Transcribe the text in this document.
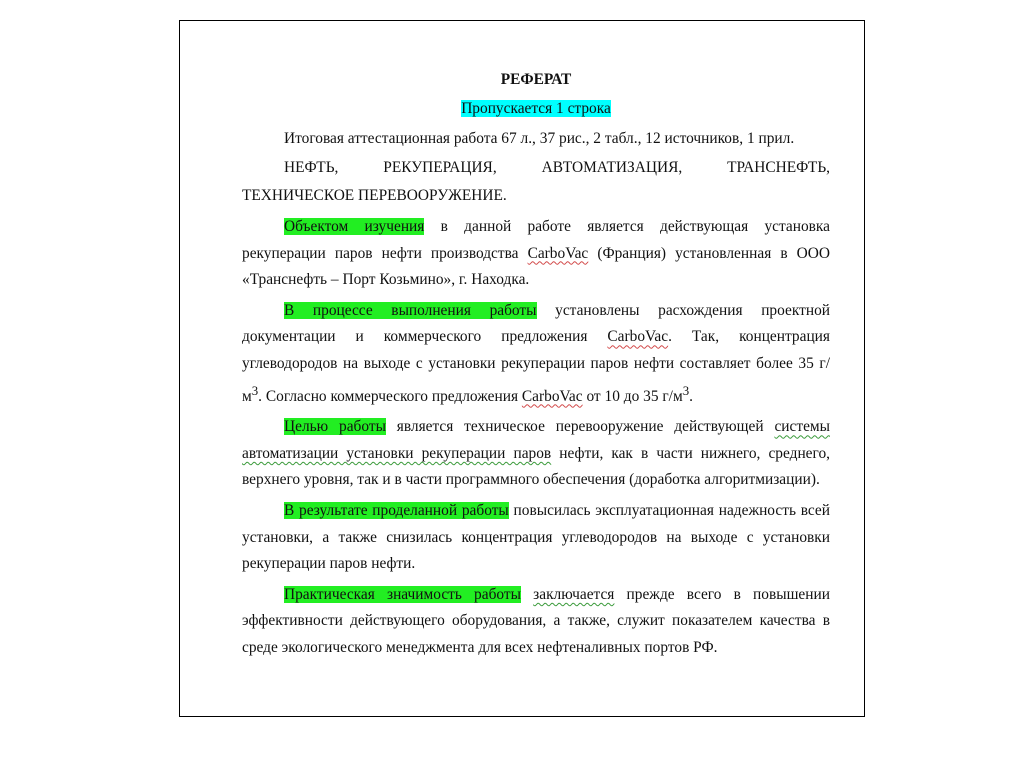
РЕФЕРАТ
Пропускается 1 строка

Итоговая аттестационная работа 67 л., 37 рис., 2 табл., 12 источников, 1 прил.

НЕФТЬ, РЕКУПЕРАЦИЯ, АВТОМАТИЗАЦИЯ, ТРАНСНЕФТЬ,

ТЕХНИЧЕСКОЕ ПЕРЕВООРУЖЕНИЕ.

Объектом изучения в данной работе является действующая установка рекуперации паров нефти производства CarboVac (Франция) установленная в ООО «Транснефть – Порт Козьмино», г. Находка.

В процессе выполнения работы установлены расхождения проектной документации и коммерческого предложения CarboVac. Так, концентрация углеводородов на выходе с установки рекуперации паров нефти составляет более 35 $г/м^3$. Согласно коммерческого предложения CarboVac от 10 до 35 $г/м^3$.

Целью работы является техническое перевооружение действующей системы автоматизации установки рекуперации паров нефти, как в части нижнего, среднего, верхнего уровня, так и в части программного обеспечения (доработка алгоритмизации).

В результате проделанной работы повысилась эксплуатационная надежность всей установки, а также снизилась концентрация углеводородов на выходе с установки рекуперации паров нефти.

Практическая значимость работы заключается прежде всего в повышении эффективности действующего оборудования, а также, служит показателем качества в среде экологического менеджмента для всех нефтеналивных портов РФ.
